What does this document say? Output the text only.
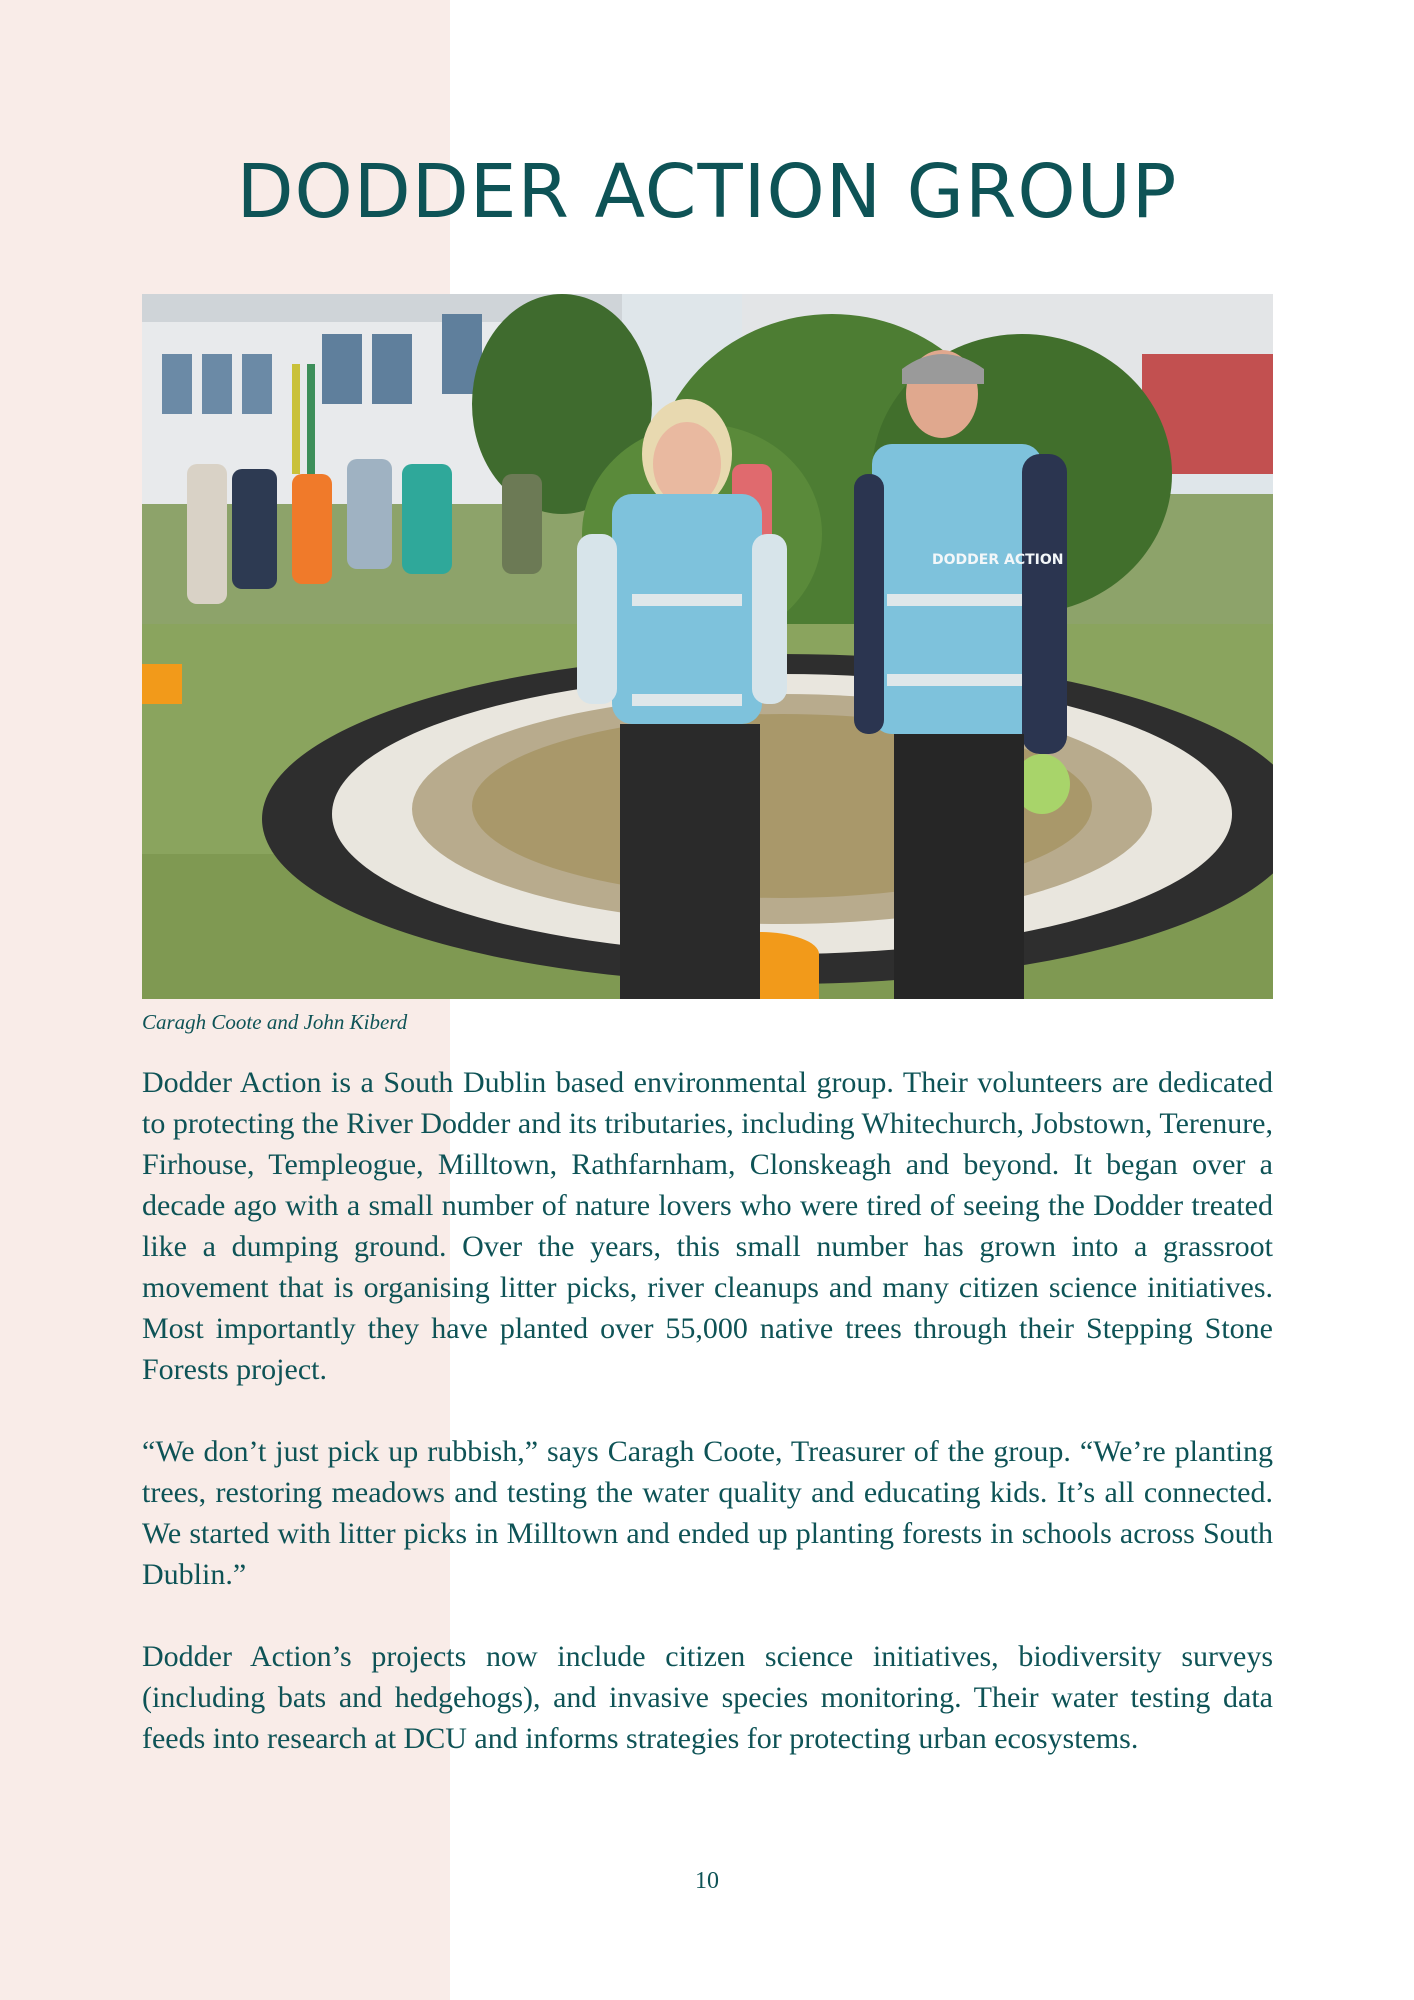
DODDER ACTION GROUP
DODDER ACTION

Caragh Coote and John Kiberd

Dodder Action is a South Dublin based environmental group. Their volunteers are dedicated to protecting the River Dodder and its tributaries, including Whitechurch, Jobstown, Terenure, Firhouse, Templeogue, Milltown, Rathfarnham, Clonskeagh and beyond. It began over a decade ago with a small number of nature lovers who were tired of seeing the Dodder treated like a dumping ground. Over the years, this small number has grown into a grassroot movement that is organising litter picks, river cleanups and many citizen science initiatives. Most importantly they have planted over 55,000 native trees through their Stepping Stone Forests project.

“We don’t just pick up rubbish,” says Caragh Coote, Treasurer of the group. “We’re planting trees, restoring meadows and testing the water quality and educating kids. It’s all connected. We started with litter picks in Milltown and ended up planting forests in schools across South Dublin.”

Dodder Action’s projects now include citizen science initiatives, biodiversity surveys (including bats and hedgehogs), and invasive species monitoring. Their water testing data feeds into research at DCU and informs strategies for protecting urban ecosystems.

10
